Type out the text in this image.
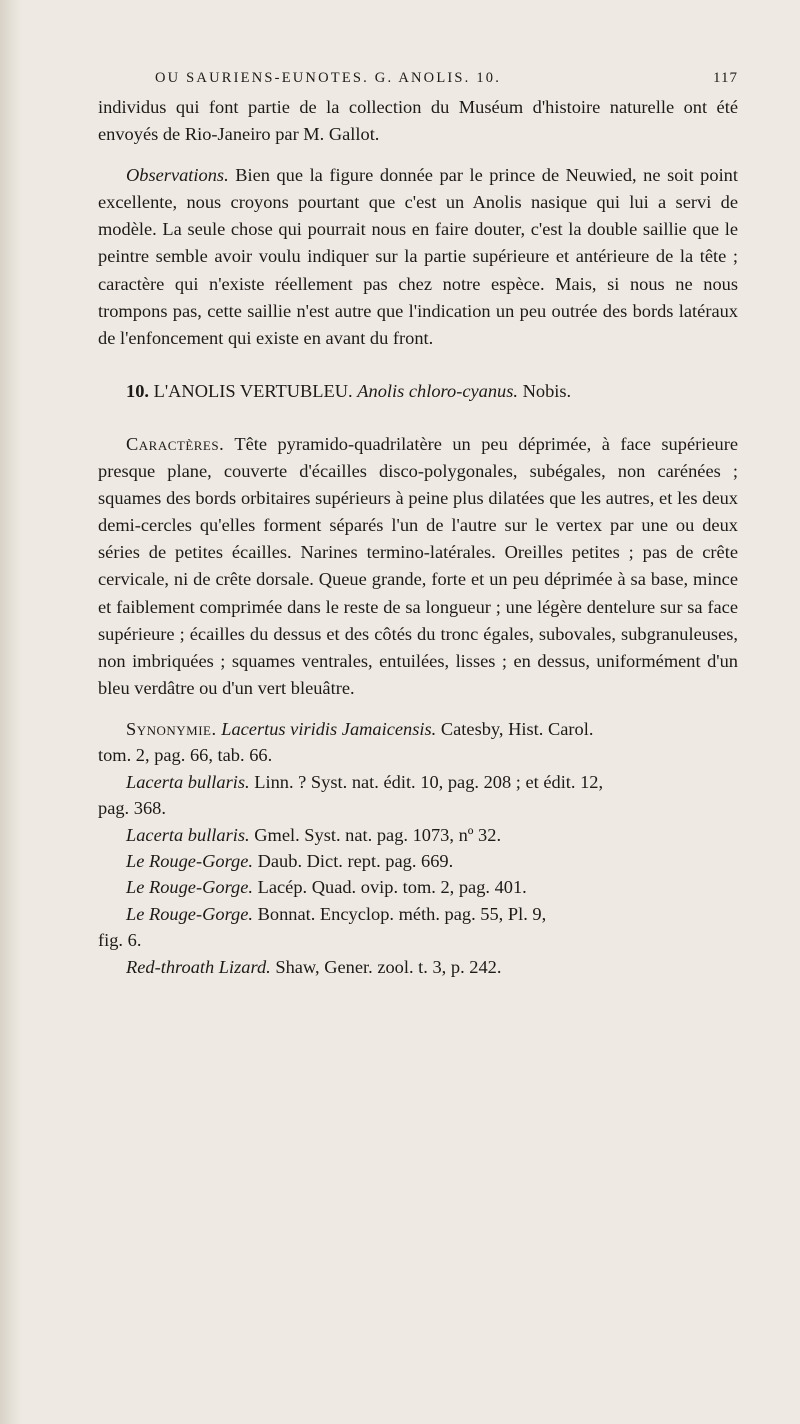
OU SAURIENS-EUNOTES. G. ANOLIS. 10.	117

individus qui font partie de la collection du Muséum d'histoire naturelle ont été envoyés de Rio-Janeiro par M. Gallot.

Observations. Bien que la figure donnée par le prince de Neuwied, ne soit point excellente, nous croyons pourtant que c'est un Anolis nasique qui lui a servi de modèle. La seule chose qui pourrait nous en faire douter, c'est la double saillie que le peintre semble avoir voulu indiquer sur la partie supérieure et antérieure de la tête ; caractère qui n'existe réellement pas chez notre espèce. Mais, si nous ne nous trompons pas, cette saillie n'est autre que l'indication un peu outrée des bords latéraux de l'enfoncement qui existe en avant du front.

10. L'ANOLIS VERTUBLEU. Anolis chloro-cyanus. Nobis.

Caractères. Tête pyramido-quadrilatère un peu déprimée, à face supérieure presque plane, couverte d'écailles disco-polygonales, subégales, non carénées ; squames des bords orbitaires supérieurs à peine plus dilatées que les autres, et les deux demi-cercles qu'elles forment séparés l'un de l'autre sur le vertex par une ou deux séries de petites écailles. Narines termino-latérales. Oreilles petites ; pas de crête cervicale, ni de crête dorsale. Queue grande, forte et un peu déprimée à sa base, mince et faiblement comprimée dans le reste de sa longueur ; une légère dentelure sur sa face supérieure ; écailles du dessus et des côtés du tronc égales, subovales, subgranuleuses, non imbriquées ; squames ventrales, entuilées, lisses ; en dessus, uniformément d'un bleu verdâtre ou d'un vert bleuâtre.

Synonymie. Lacertus viridis Jamaicensis. Catesby, Hist. Carol.

tom. 2, pag. 66, tab. 66.

Lacerta bullaris. Linn. ? Syst. nat. édit. 10, pag. 208 ; et édit. 12,

pag. 368.

Lacerta bullaris. Gmel. Syst. nat. pag. 1073, nº 32.

Le Rouge-Gorge. Daub. Dict. rept. pag. 669.

Le Rouge-Gorge. Lacép. Quad. ovip. tom. 2, pag. 401.

Le Rouge-Gorge. Bonnat. Encyclop. méth. pag. 55, Pl. 9,

fig. 6.

Red-throath Lizard. Shaw, Gener. zool. t. 3, p. 242.
